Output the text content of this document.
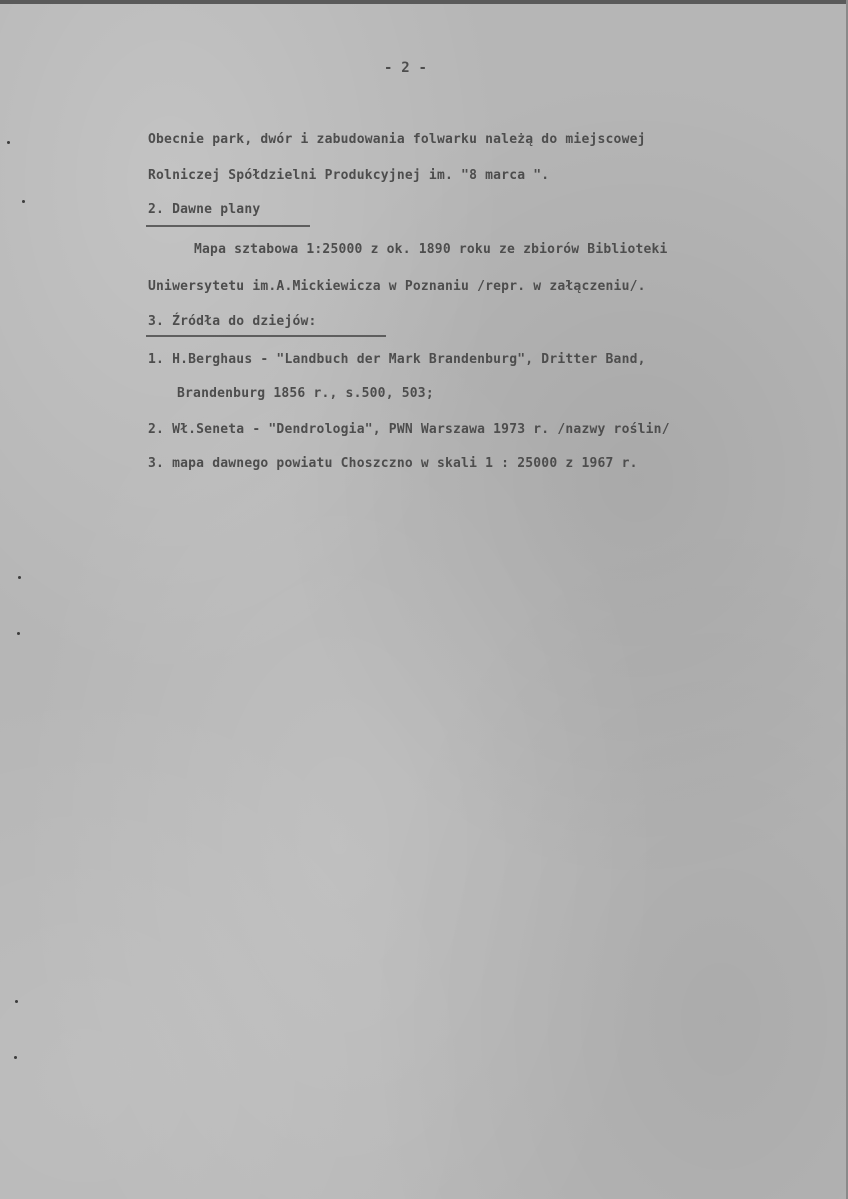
- 2 -
Obecnie park, dwór i zabudowania folwarku należą do miejscowej
Rolniczej Spółdzielni Produkcyjnej im. "8 marca ".
2. Dawne plany
Mapa sztabowa 1:25000 z ok. 1890 roku ze zbiorów Biblioteki
Uniwersytetu im.A.Mickiewicza w Poznaniu /repr. w załączeniu/.
3. Źródła do dziejów:
1. H.Berghaus - "Landbuch der Mark Brandenburg", Dritter Band,
Brandenburg 1856 r., s.500, 503;
2. Wł.Seneta - "Dendrologia", PWN Warszawa 1973 r. /nazwy roślin/
3. mapa dawnego powiatu Choszczno w skali 1 : 25000 z 1967 r.
